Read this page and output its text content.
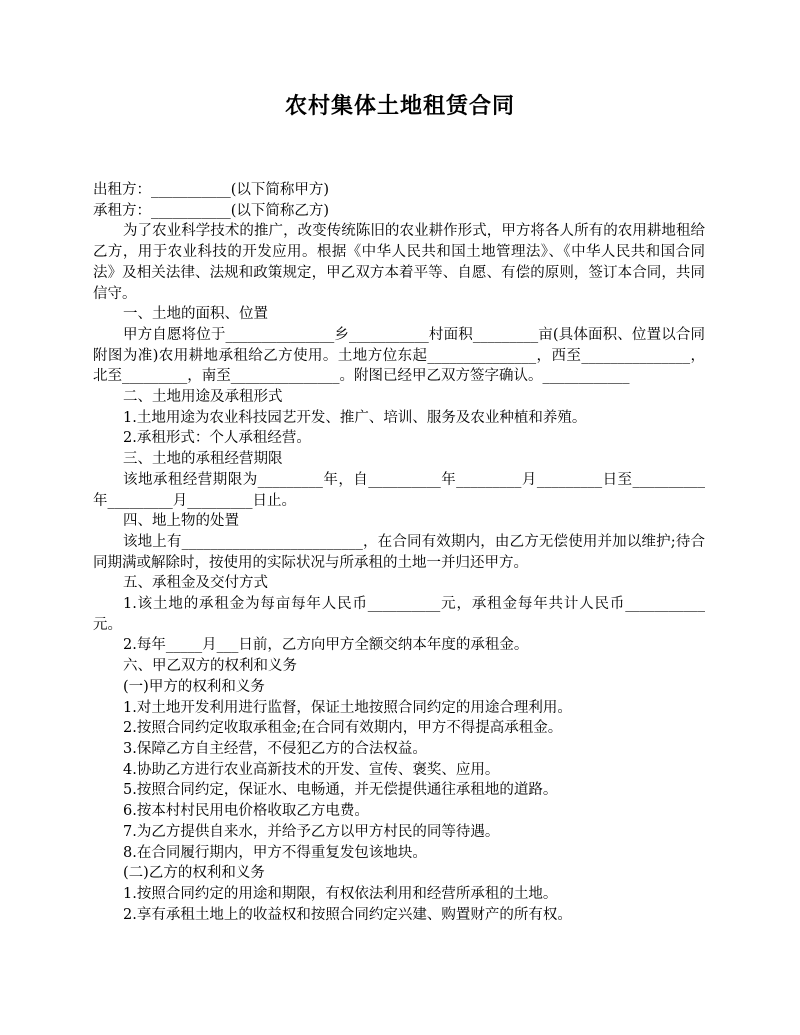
农村集体土地租赁合同

出租方：___________(以下简称甲方)

承租方：___________(以下简称乙方)

为了农业科学技术的推广，改变传统陈旧的农业耕作形式，甲方将各人所有的农用耕地租给乙方，用于农业科技的开发应用。根据《中华人民共和国土地管理法》、《中华人民共和国合同法》及相关法律、法规和政策规定，甲乙双方本着平等、自愿、有偿的原则，签订本合同，共同信守。

一、土地的面积、位置

甲方自愿将位于_______________乡___________村面积_________亩(具体面积、位置以合同附图为准)农用耕地承租给乙方使用。土地方位东起_______________，西至_______________，北至_________，南至_______________。附图已经甲乙双方签字确认。____________

二、土地用途及承租形式

1.土地用途为农业科技园艺开发、推广、培训、服务及农业种植和养殖。

2.承租形式：个人承租经营。

三、土地的承租经营期限

该地承租经营期限为_________年，自__________年_________月_________日至__________年_________月_________日止。

四、地上物的处置

该地上有_________________________，在合同有效期内，由乙方无偿使用并加以维护;待合同期满或解除时，按使用的实际状况与所承租的土地一并归还甲方。

五、承租金及交付方式

1.该土地的承租金为每亩每年人民币__________元，承租金每年共计人民币___________元。

2.每年_____月___日前，乙方向甲方全额交纳本年度的承租金。

六、甲乙双方的权利和义务

(一)甲方的权利和义务

1.对土地开发利用进行监督，保证土地按照合同约定的用途合理利用。

2.按照合同约定收取承租金;在合同有效期内，甲方不得提高承租金。

3.保障乙方自主经营，不侵犯乙方的合法权益。

4.协助乙方进行农业高新技术的开发、宣传、褒奖、应用。

5.按照合同约定，保证水、电畅通，并无偿提供通往承租地的道路。

6.按本村村民用电价格收取乙方电费。

7.为乙方提供自来水，并给予乙方以甲方村民的同等待遇。

8.在合同履行期内，甲方不得重复发包该地块。

(二)乙方的权利和义务

1.按照合同约定的用途和期限，有权依法利用和经营所承租的土地。

2.享有承租土地上的收益权和按照合同约定兴建、购置财产的所有权。
